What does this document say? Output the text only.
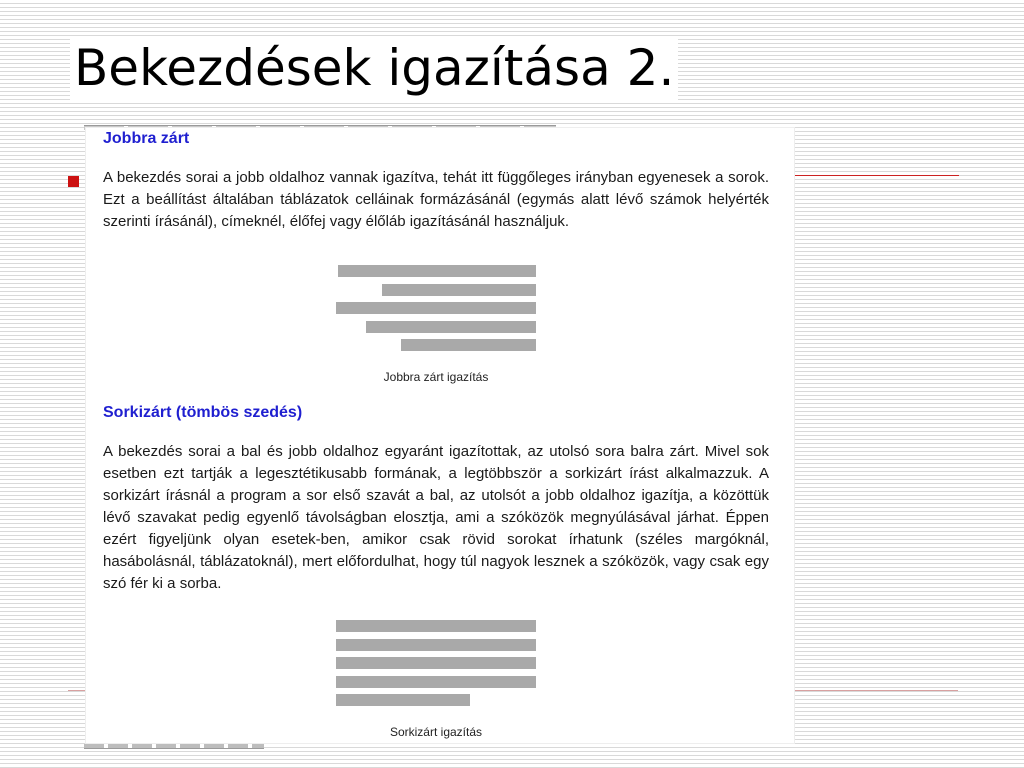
Bekezdések igazítása 2.
Jobbra zárt

A bekezdés sorai a jobb oldalhoz vannak igazítva, tehát itt függőleges irányban egyenesek a sorok. Ezt a beállítást általában táblázatok celláinak formázásánál (egymás alatt lévő számok helyérték szerinti írásánál), címeknél, élőfej vagy élőláb igazításánál használjuk.

Jobbra zárt igazítás

Sorkizárt (tömbös szedés)

A bekezdés sorai a bal és jobb oldalhoz egyaránt igazítottak, az utolsó sora balra zárt. Mivel sok esetben ezt tartják a legesztétikusabb formának, a legtöbbször a sorkizárt írást alkalmazzuk. A sorkizárt írásnál a program a sor első szavát a bal, az utolsót a jobb oldalhoz igazítja, a közöttük lévő szavakat pedig egyenlő távolságban elosztja, ami a szóközök megnyúlásával járhat. Éppen ezért figyeljünk olyan esetek-ben, amikor csak rövid sorokat írhatunk (széles margóknál, hasábolásnál, táblázatoknál), mert előfordulhat, hogy túl nagyok lesznek a szóközök, vagy csak egy szó fér ki a sorba.

Sorkizárt igazítás
